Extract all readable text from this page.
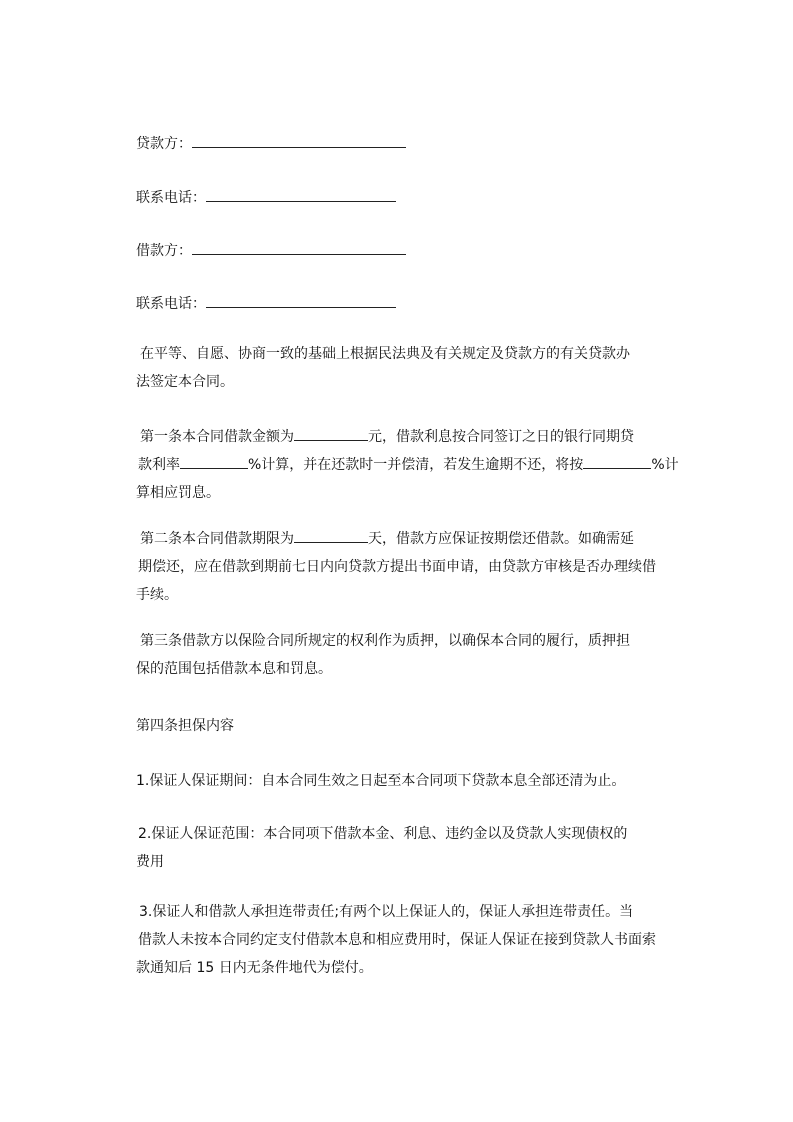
贷款方：
联系电话：
借款方：
联系电话：
在平等、自愿、协商一致的基础上根据民法典及有关规定及贷款方的有关贷款办
法签定本合同。
第一条本合同借款金额为	元，借款利息按合同签订之日的银行同期贷
款利率	%计算，并在还款时一并偿清，若发生逾期不还，将按	%计
算相应罚息。
第二条本合同借款期限为	天，借款方应保证按期偿还借款。如确需延
期偿还，应在借款到期前七日内向贷款方提出书面申请，由贷款方审核是否办理续借
手续。
第三条借款方以保险合同所规定的权利作为质押，以确保本合同的履行，质押担
保的范围包括借款本息和罚息。
第四条担保内容
1.保证人保证期间：自本合同生效之日起至本合同项下贷款本息全部还清为止。
2.保证人保证范围：本合同项下借款本金、利息、违约金以及贷款人实现债权的
费用
3.保证人和借款人承担连带责任;有两个以上保证人的，保证人承担连带责任。当
借款人未按本合同约定支付借款本息和相应费用时，保证人保证在接到贷款人书面索
款通知后 15 日内无条件地代为偿付。
